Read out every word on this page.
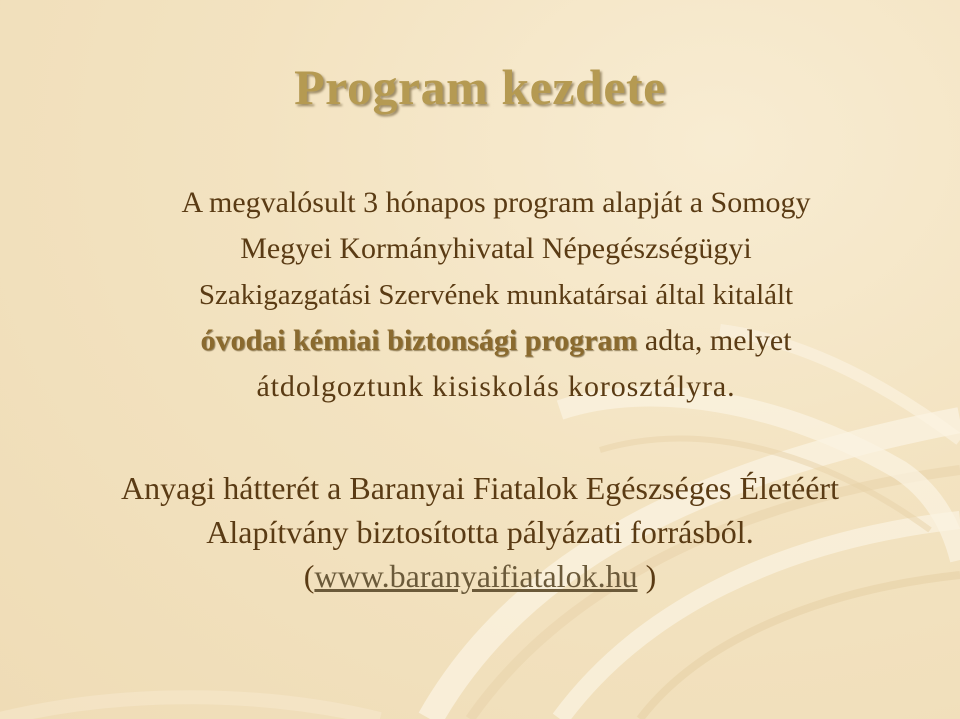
Program kezdete
A megvalósult 3 hónapos program alapját a Somogy
Megyei Kormányhivatal Népegészségügyi
Szakigazgatási Szervének munkatársai által kitalált
óvodai kémiai biztonsági program adta, melyet
átdolgoztunk kisiskolás korosztályra.
Anyagi hátterét a Baranyai Fiatalok Egészséges Életéért
Alapítvány biztosította pályázati forrásból.
(www.baranyaifiatalok.hu )
